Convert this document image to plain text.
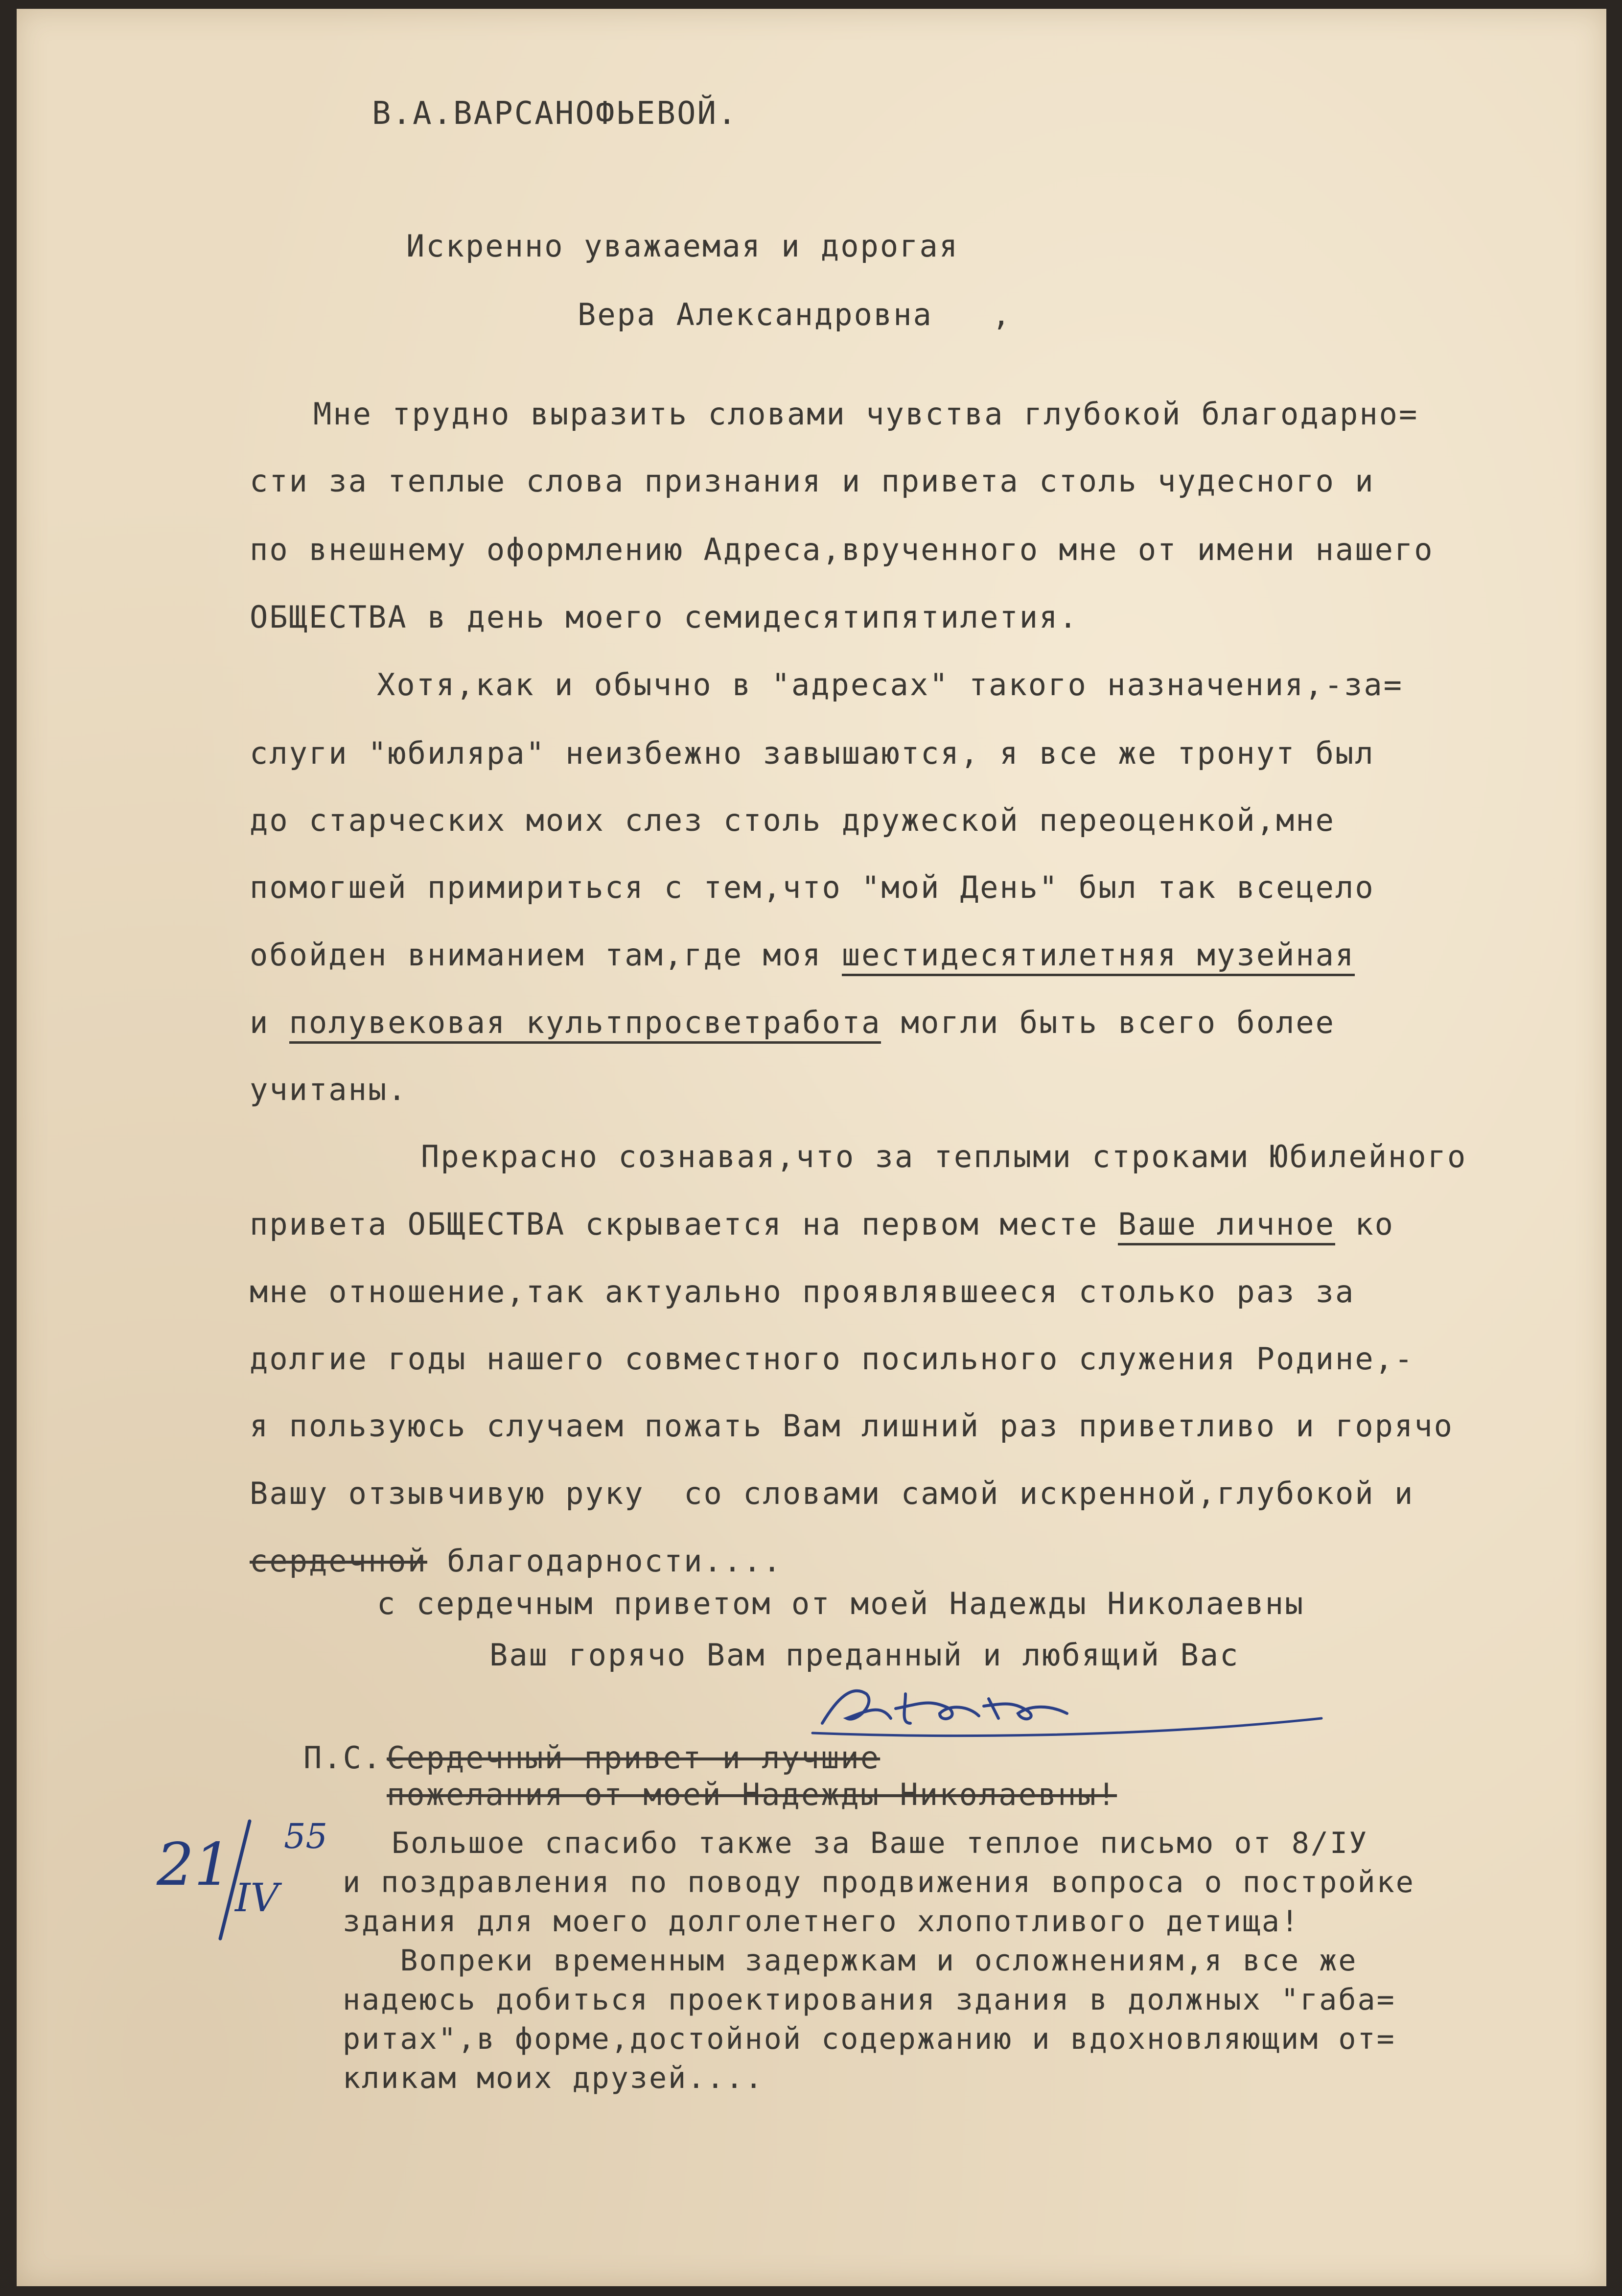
В.А.ВАРСАНОФЬЕВОЙ.
Искренно уважаемая и дорогая
Вера Александровна   ,
Мне трудно выразить словами чувства глубокой благодарно=
сти за теплые слова признания и привета столь чудесного и
по внешнему оформлению Адреса,врученного мне от имени нашего
ОБЩЕСТВА в день моего семидесятипятилетия.
Хотя,как и обычно в "адресах" такого назначения,-за=
слуги "юбиляра" неизбежно завышаются, я все же тронут был
до старческих моих слез столь дружеской переоценкой,мне
помогшей примириться с тем,что "мой День" был так всецело
обойден вниманием там,где моя шестидесятилетняя музейная
и полувековая культпросветработа могли быть всего более
учитаны.
Прекрасно сознавая,что за теплыми строками Юбилейного
привета ОБЩЕСТВА скрывается на первом месте Ваше личное ко
мне отношение,так актуально проявлявшееся столько раз за
долгие годы нашего совместного посильного служения Родине,-
я пользуюсь случаем пожать Вам лишний раз приветливо и горячо
Вашу отзывчивую руку  со словами самой искренной,глубокой и
сердечной благодарности....
с сердечным приветом от моей Надежды Николаевны
Ваш горячо Вам преданный и любящий Вас
П.С.-
Сердечный привет и лучшие
пожелания от моей Надежды Николаевны!
Большое спасибо также за Ваше теплое письмо от 8/IУ
и поздравления по поводу продвижения вопроса о постройке
здания для моего долголетнего хлопотливого детища!
Вопреки временным задержкам и осложнениям,я все же
надеюсь добиться проектирования здания в должных "габа=
ритах",в форме,достойной содержанию и вдохновляющим от=
кликам моих друзей....
21 IV
55
